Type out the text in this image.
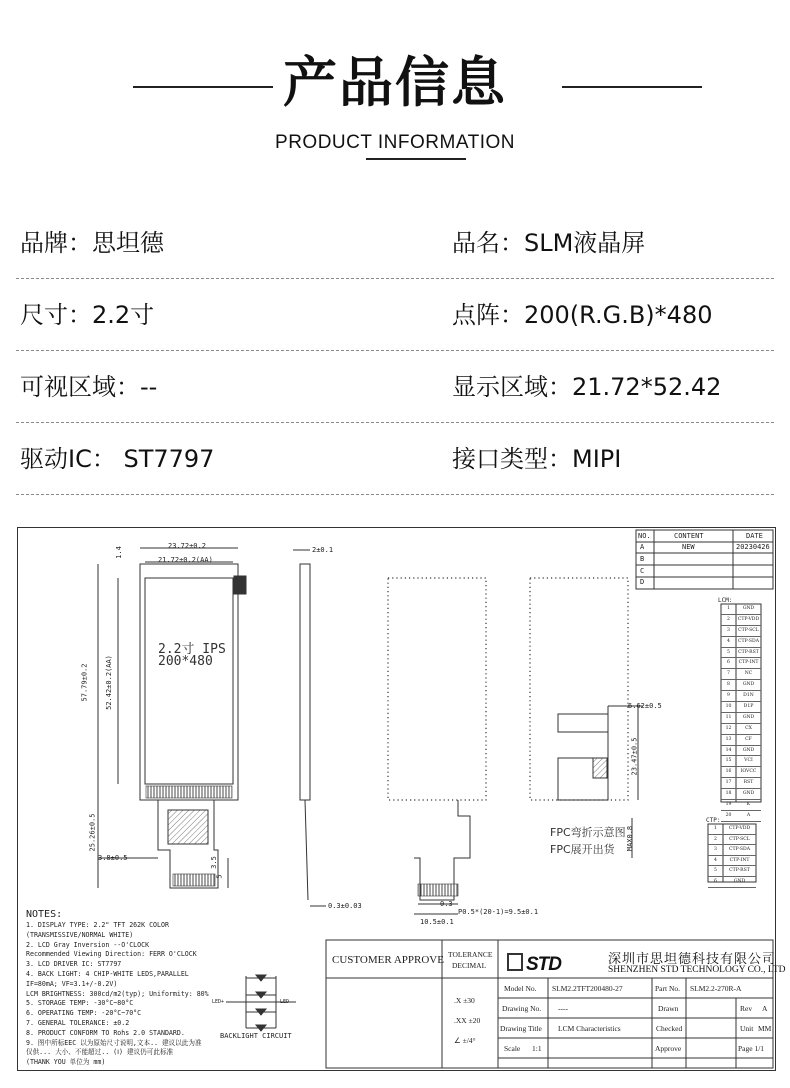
产品信息
PRODUCT INFORMATION
品牌：思坦德	品名：SLM液晶屏
尺寸：2.2寸	点阵：200(R.G.B)*480
可视区域：--	显示区域：21.72*52.42
驱动IC： ST7797	接口类型：MIPI
23.72±0.2
21.72±0.2(AA)
1.4
57.79±0.2 52.42±0.2(AA)
25.26±0.5
3.8±0.5	3.5
5
2±0.1
0.3±0.03	0.3
P0.5*(20-1)=9.5±0.1
10.5±0.1
6.62±0.5
23.47±0.5
MAX0.8
2.2寸 IPS
200*480
FPC弯折示意图
FPC展开出货
NO.	CONTENT	DATE
A	NEW	20230426
B
C
D
LCM:
1	GND
2	CTP-VDD
3	CTP-SCL
4	CTP-SDA
5	CTP-RST
6	CTP-INT
7	NC
8	GND
9	D1N
10	D1P
11	GND
12	CX
13	CF
14	GND
15	VCI
16	IOVCC
17	RST
18	GND
19	K
20	A
CTP:
1	CTP-VDD
2	CTP-SCL
3	CTP-SDA
4	CTP-INT
5	CTP-RST
6	GND
NOTES:
1. DISPLAY TYPE: 2.2" TFT 262K COLOR
(TRANSMISSIVE/NORMAL WHITE)
2. LCD Gray Inversion --O'CLOCK
Recommended Viewing Direction: FERR O'CLOCK
3. LCD DRIVER IC: ST7797
4. BACK LIGHT: 4 CHIP-WHITE LEDS,PARALLEL
IF=80mA; VF=3.1+/-0.2V)
LCM BRIGHTNESS: 300cd/m2(typ); Uniformity: 80%
5. STORAGE TEMP: -30°C~80°C
6. OPERATING TEMP: -20°C~70°C
7. GENERAL TOLERANCE: ±0.2
8. PRODUCT CONFORM TO Rohs 2.0 STANDARD.
9. 图中所标EEC 以为原始尺寸说明,文本.. 建议以此为准
仅供... 大小、不能超过.. (Ⅰ) 建议仍可此标准
(THANK YOU 单位为 mm)
LED+	LED-
BACKLIGHT CIRCUIT
CUSTOMER APPROVE TOLERANCE
DECIMAL
.X ±30
.XX ±20
∠ ±/4°
STD	深圳市思坦德科技有限公司
SHENZHEN STD TECHNOLOGY CO., LTD
Model No. SLM2.2TFT200480-27	Part No. SLM2.2-270R-A
Drawing No. ----	Drawn	Rev A
Drawing Title LCM Characteristics	Checked	Unit MM
Scale 1:1	Approve	Page 1/1
